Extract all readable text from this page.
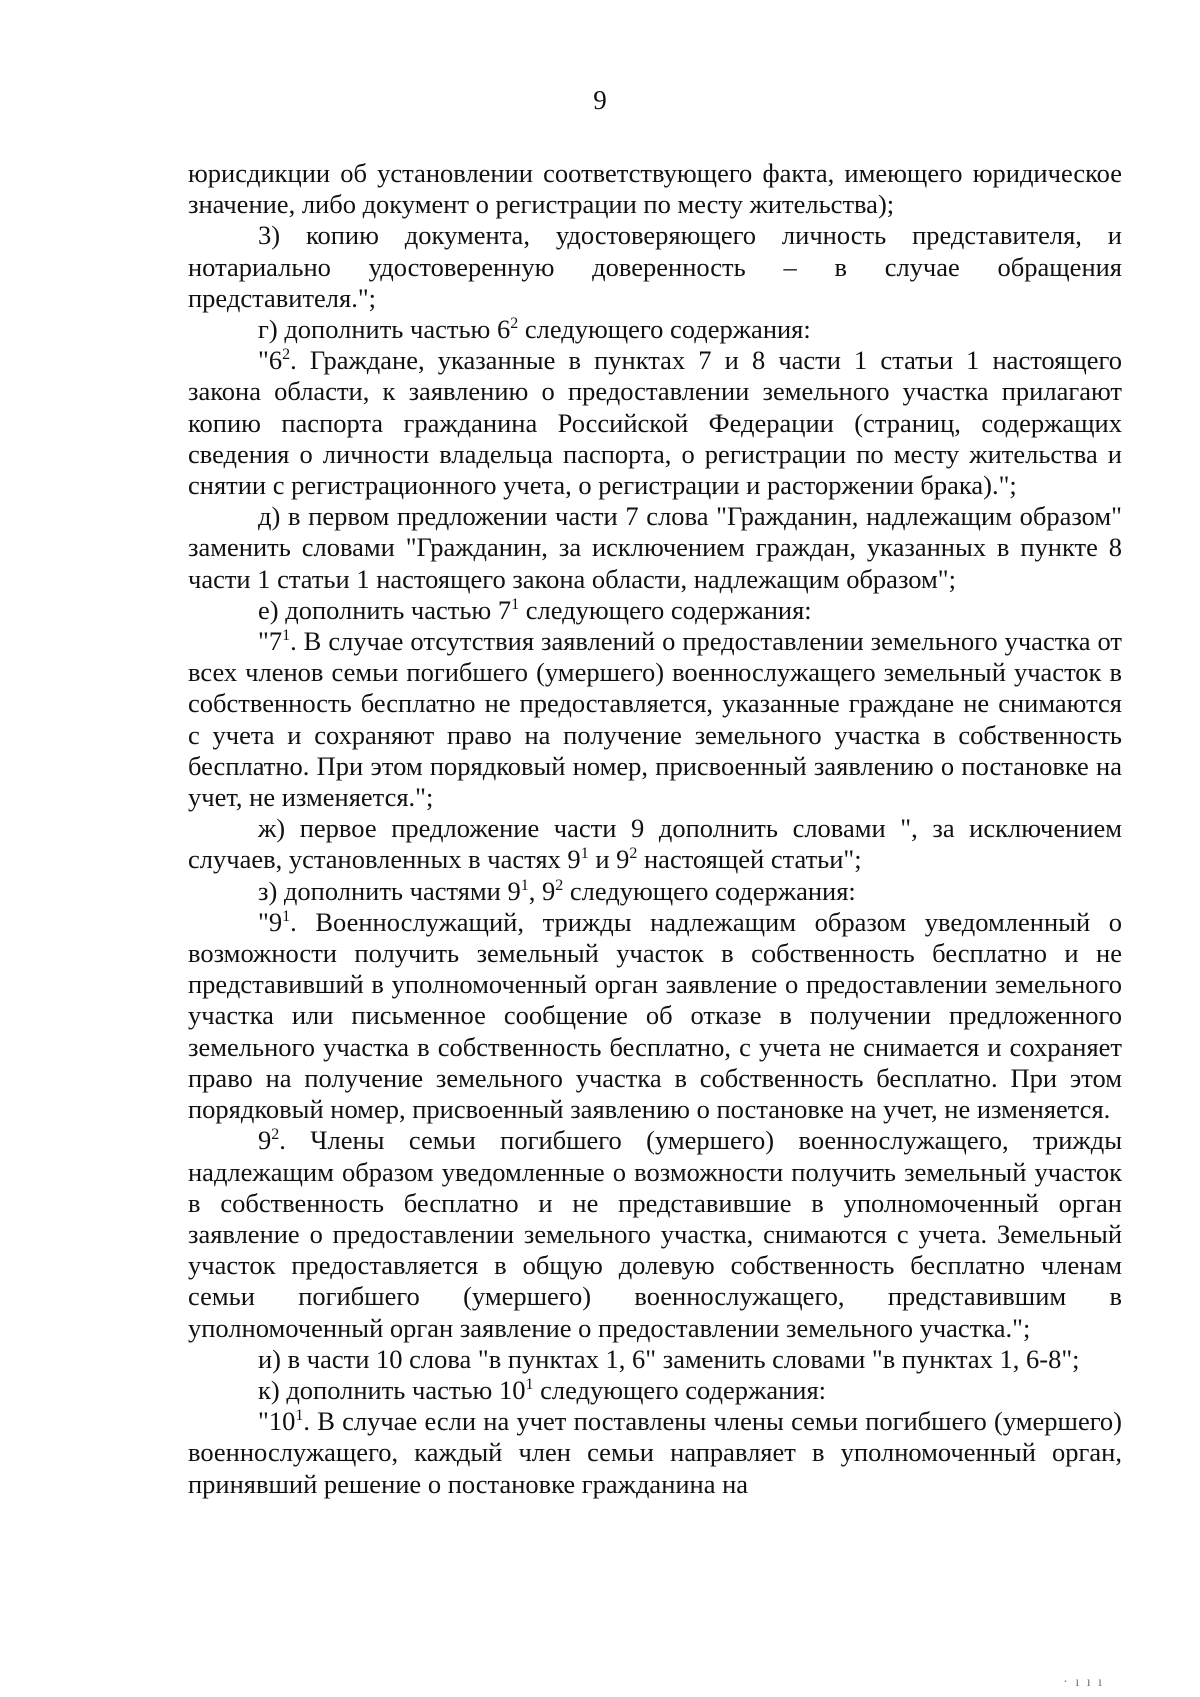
9

юрисдикции об установлении соответствующего факта, имеющего юридическое значение, либо документ о регистрации по месту жительства);

3) копию документа, удостоверяющего личность представителя, и нотариально удостоверенную доверенность – в случае обращения представителя.";

г) дополнить частью $6^2$ следующего содержания:

"$6^2$. Граждане, указанные в пунктах 7 и 8 части 1 статьи 1 настоящего закона области, к заявлению о предоставлении земельного участка прилагают копию паспорта гражданина Российской Федерации (страниц, содержащих сведения о личности владельца паспорта, о регистрации по месту жительства и снятии с регистрационного учета, о регистрации и расторжении брака).";

д) в первом предложении части 7 слова "Гражданин, надлежащим образом" заменить словами "Гражданин, за исключением граждан, указанных в пункте 8 части 1 статьи 1 настоящего закона области, надлежащим образом";

е) дополнить частью $7^1$ следующего содержания:

"$7^1$. В случае отсутствия заявлений о предоставлении земельного участка от всех членов семьи погибшего (умершего) военнослужащего земельный участок в собственность бесплатно не предоставляется, указанные граждане не снимаются с учета и сохраняют право на получение земельного участка в собственность бесплатно. При этом порядковый номер, присвоенный заявлению о постановке на учет, не изменяется.";

ж) первое предложение части 9 дополнить словами ", за исключением случаев, установленных в частях $9^1$ и $9^2$ настоящей статьи";

з) дополнить частями $9^1$, $9^2$ следующего содержания:

"$9^1$. Военнослужащий, трижды надлежащим образом уведомленный о возможности получить земельный участок в собственность бесплатно и не представивший в уполномоченный орган заявление о предоставлении земельного участка или письменное сообщение об отказе в получении предложенного земельного участка в собственность бесплатно, с учета не снимается и сохраняет право на получение земельного участка в собственность бесплатно. При этом порядковый номер, присвоенный заявлению о постановке на учет, не изменяется.

$9^2$. Члены семьи погибшего (умершего) военнослужащего, трижды надлежащим образом уведомленные о возможности получить земельный участок в собственность бесплатно и не представившие в уполномоченный орган заявление о предоставлении земельного участка, снимаются с учета. Земельный участок предоставляется в общую долевую собственность бесплатно членам семьи погибшего (умершего) военнослужащего, представившим в уполномоченный орган заявление о предоставлении земельного участка.";

и) в части 10 слова "в пунктах 1, 6" заменить словами "в пунктах 1, 6-8";

к) дополнить частью $10^1$ следующего содержания:

"$10^1$. В случае если на учет поставлены члены семьи погибшего (умершего) военнослужащего, каждый член семьи направляет в уполномоченный орган, принявший решение о постановке гражданина на

· ı ı ı
